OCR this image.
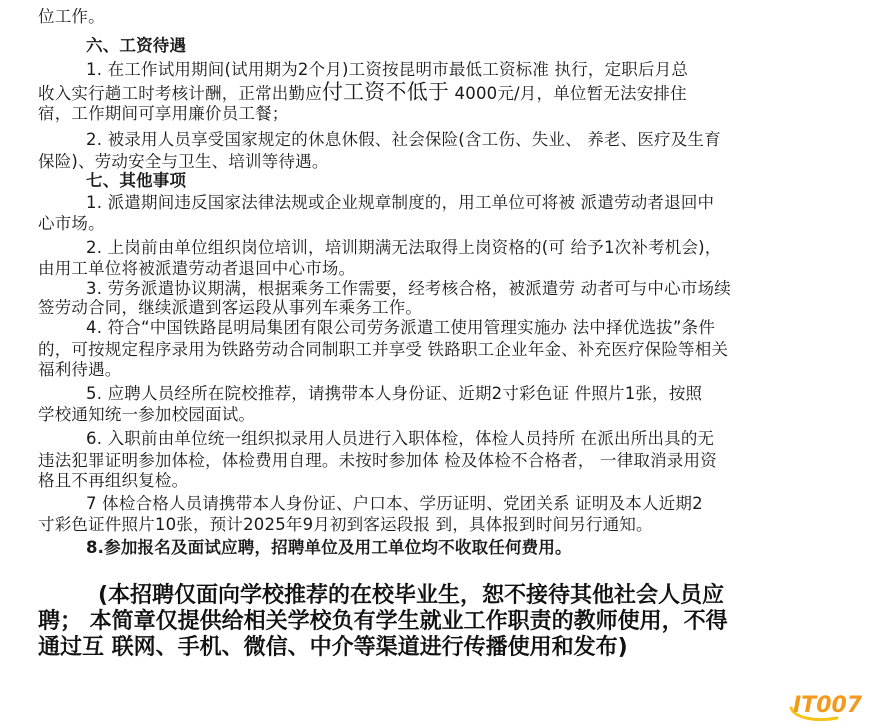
位工作。
六、工资待遇
1. 在工作试用期间(试用期为2个月)工资按昆明市最低工资标准 执行，定职后月总
收入实行趟工时考核计酬，正常出勤应付工资不低于 4000元/月，单位暂无法安排住
宿，工作期间可享用廉价员工餐；
2. 被录用人员享受国家规定的休息休假、社会保险(含工伤、失业、 养老、医疗及生育
保险)、劳动安全与卫生、培训等待遇。
七、其他事项
1. 派遣期间违反国家法律法规或企业规章制度的，用工单位可将被 派遣劳动者退回中
心市场。
2. 上岗前由单位组织岗位培训，培训期满无法取得上岗资格的(可 给予1次补考机会)，
由用工单位将被派遣劳动者退回中心市场。
3. 劳务派遣协议期满，根据乘务工作需要，经考核合格，被派遣劳 动者可与中心市场续
签劳动合同，继续派遣到客运段从事列车乘务工作。
4. 符合“中国铁路昆明局集团有限公司劳务派遣工使用管理实施办 法中择优选拔”条件
的，可按规定程序录用为铁路劳动合同制职工并享受 铁路职工企业年金、补充医疗保险等相关
福利待遇。
5. 应聘人员经所在院校推荐，请携带本人身份证、近期2寸彩色证 件照片1张，按照
学校通知统一参加校园面试。
6. 入职前由单位统一组织拟录用人员进行入职体检，体检人员持所 在派出所出具的无
违法犯罪证明参加体检，体检费用自理。未按时参加体 检及体检不合格者， 一律取消录用资
格且不再组织复检。
7 体检合格人员请携带本人身份证、户口本、学历证明、党团关系 证明及本人近期2
寸彩色证件照片10张，预计2025年9月初到客运段报 到，具体报到时间另行通知。
8.参加报名及面试应聘，招聘单位及用工单位均不收取任何费用。
(本招聘仅面向学校推荐的在校毕业生，恕不接待其他社会人员应
聘； 本简章仅提供给相关学校负有学生就业工作职责的教师使用，不得
通过互 联网、手机、微信、中介等渠道进行传播使用和发布)
IT007
